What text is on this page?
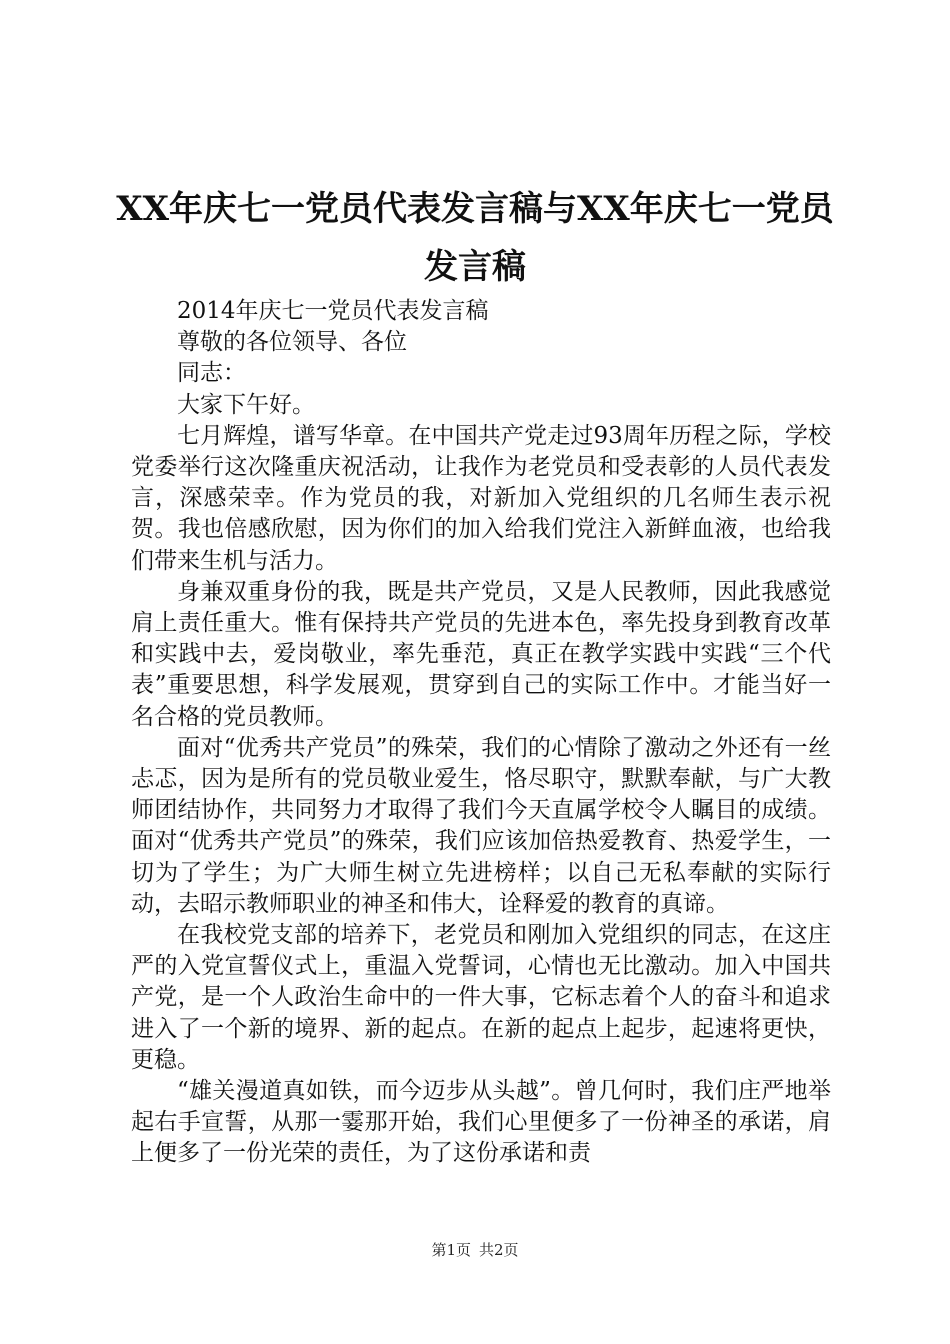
XX年庆七一党员代表发言稿与XX年庆七一党员发言稿

2014年庆七一党员代表发言稿

尊敬的各位领导、各位

同志：

大家下午好。

七月辉煌，谱写华章。在中国共产党走过93周年历程之际，学校党委举行这次隆重庆祝活动，让我作为老党员和受表彰的人员代表发言，深感荣幸。作为党员的我，对新加入党组织的几名师生表示祝贺。我也倍感欣慰，因为你们的加入给我们党注入新鲜血液，也给我们带来生机与活力。

身兼双重身份的我，既是共产党员，又是人民教师，因此我感觉肩上责任重大。惟有保持共产党员的先进本色，率先投身到教育改革和实践中去，爱岗敬业，率先垂范，真正在教学实践中实践“三个代表”重要思想，科学发展观，贯穿到自己的实际工作中。才能当好一名合格的党员教师。

面对“优秀共产党员”的殊荣，我们的心情除了激动之外还有一丝忐忑，因为是所有的党员敬业爱生，恪尽职守，默默奉献，与广大教师团结协作，共同努力才取得了我们今天直属学校令人瞩目的成绩。面对“优秀共产党员”的殊荣，我们应该加倍热爱教育、热爱学生，一切为了学生；为广大师生树立先进榜样；以自己无私奉献的实际行动，去昭示教师职业的神圣和伟大，诠释爱的教育的真谛。

在我校党支部的培养下，老党员和刚加入党组织的同志，在这庄严的入党宣誓仪式上，重温入党誓词，心情也无比激动。加入中国共产党，是一个人政治生命中的一件大事，它标志着个人的奋斗和追求进入了一个新的境界、新的起点。在新的起点上起步，起速将更快，更稳。

“雄关漫道真如铁，而今迈步从头越”。曾几何时，我们庄严地举起右手宣誓，从那一霎那开始，我们心里便多了一份神圣的承诺，肩上便多了一份光荣的责任，为了这份承诺和责

第1页 共2页
